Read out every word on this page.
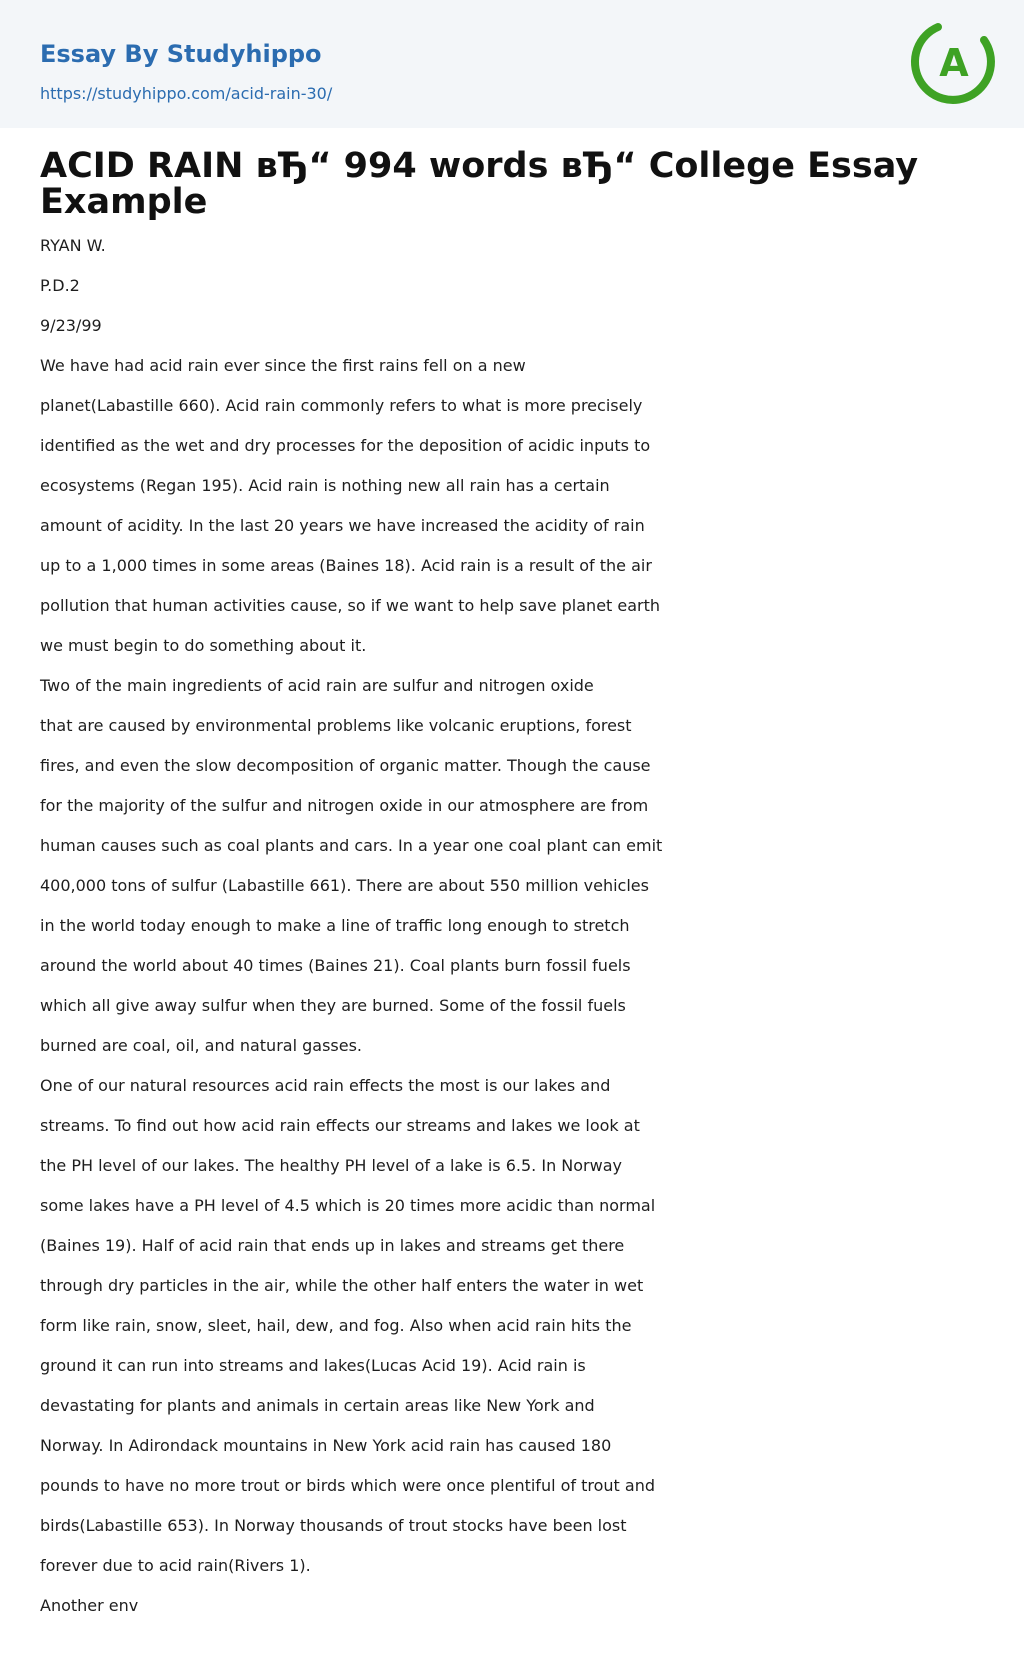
Essay By Studyhippo
https://studyhippo.com/acid-rain-30/
A
ACID RAIN вЂ“ 994 words вЂ“ College Essay Example

RYAN W.

P.D.2

9/23/99

We have had acid rain ever since the first rains fell on a new
planet(Labastille 660). Acid rain commonly refers to what is more precisely
identified as the wet and dry processes for the deposition of acidic inputs to
ecosystems (Regan 195). Acid rain is nothing new all rain has a certain
amount of acidity. In the last 20 years we have increased the acidity of rain
up to a 1,000 times in some areas (Baines 18). Acid rain is a result of the air
pollution that human activities cause, so if we want to help save planet earth
we must begin to do something about it.
Two of the main ingredients of acid rain are sulfur and nitrogen oxide
that are caused by environmental problems like volcanic eruptions, forest
fires, and even the slow decomposition of organic matter. Though the cause
for the majority of the sulfur and nitrogen oxide in our atmosphere are from
human causes such as coal plants and cars. In a year one coal plant can emit
400,000 tons of sulfur (Labastille 661). There are about 550 million vehicles
in the world today enough to make a line of traffic long enough to stretch
around the world about 40 times (Baines 21). Coal plants burn fossil fuels
which all give away sulfur when they are burned. Some of the fossil fuels
burned are coal, oil, and natural gasses.
One of our natural resources acid rain effects the most is our lakes and
streams. To find out how acid rain effects our streams and lakes we look at
the PH level of our lakes. The healthy PH level of a lake is 6.5. In Norway
some lakes have a PH level of 4.5 which is 20 times more acidic than normal
(Baines 19). Half of acid rain that ends up in lakes and streams get there
through dry particles in the air, while the other half enters the water in wet
form like rain, snow, sleet, hail, dew, and fog. Also when acid rain hits the
ground it can run into streams and lakes(Lucas Acid 19). Acid rain is
devastating for plants and animals in certain areas like New York and
Norway. In Adirondack mountains in New York acid rain has caused 180
pounds to have no more trout or birds which were once plentiful of trout and
birds(Labastille 653). In Norway thousands of trout stocks have been lost
forever due to acid rain(Rivers 1).
Another env
